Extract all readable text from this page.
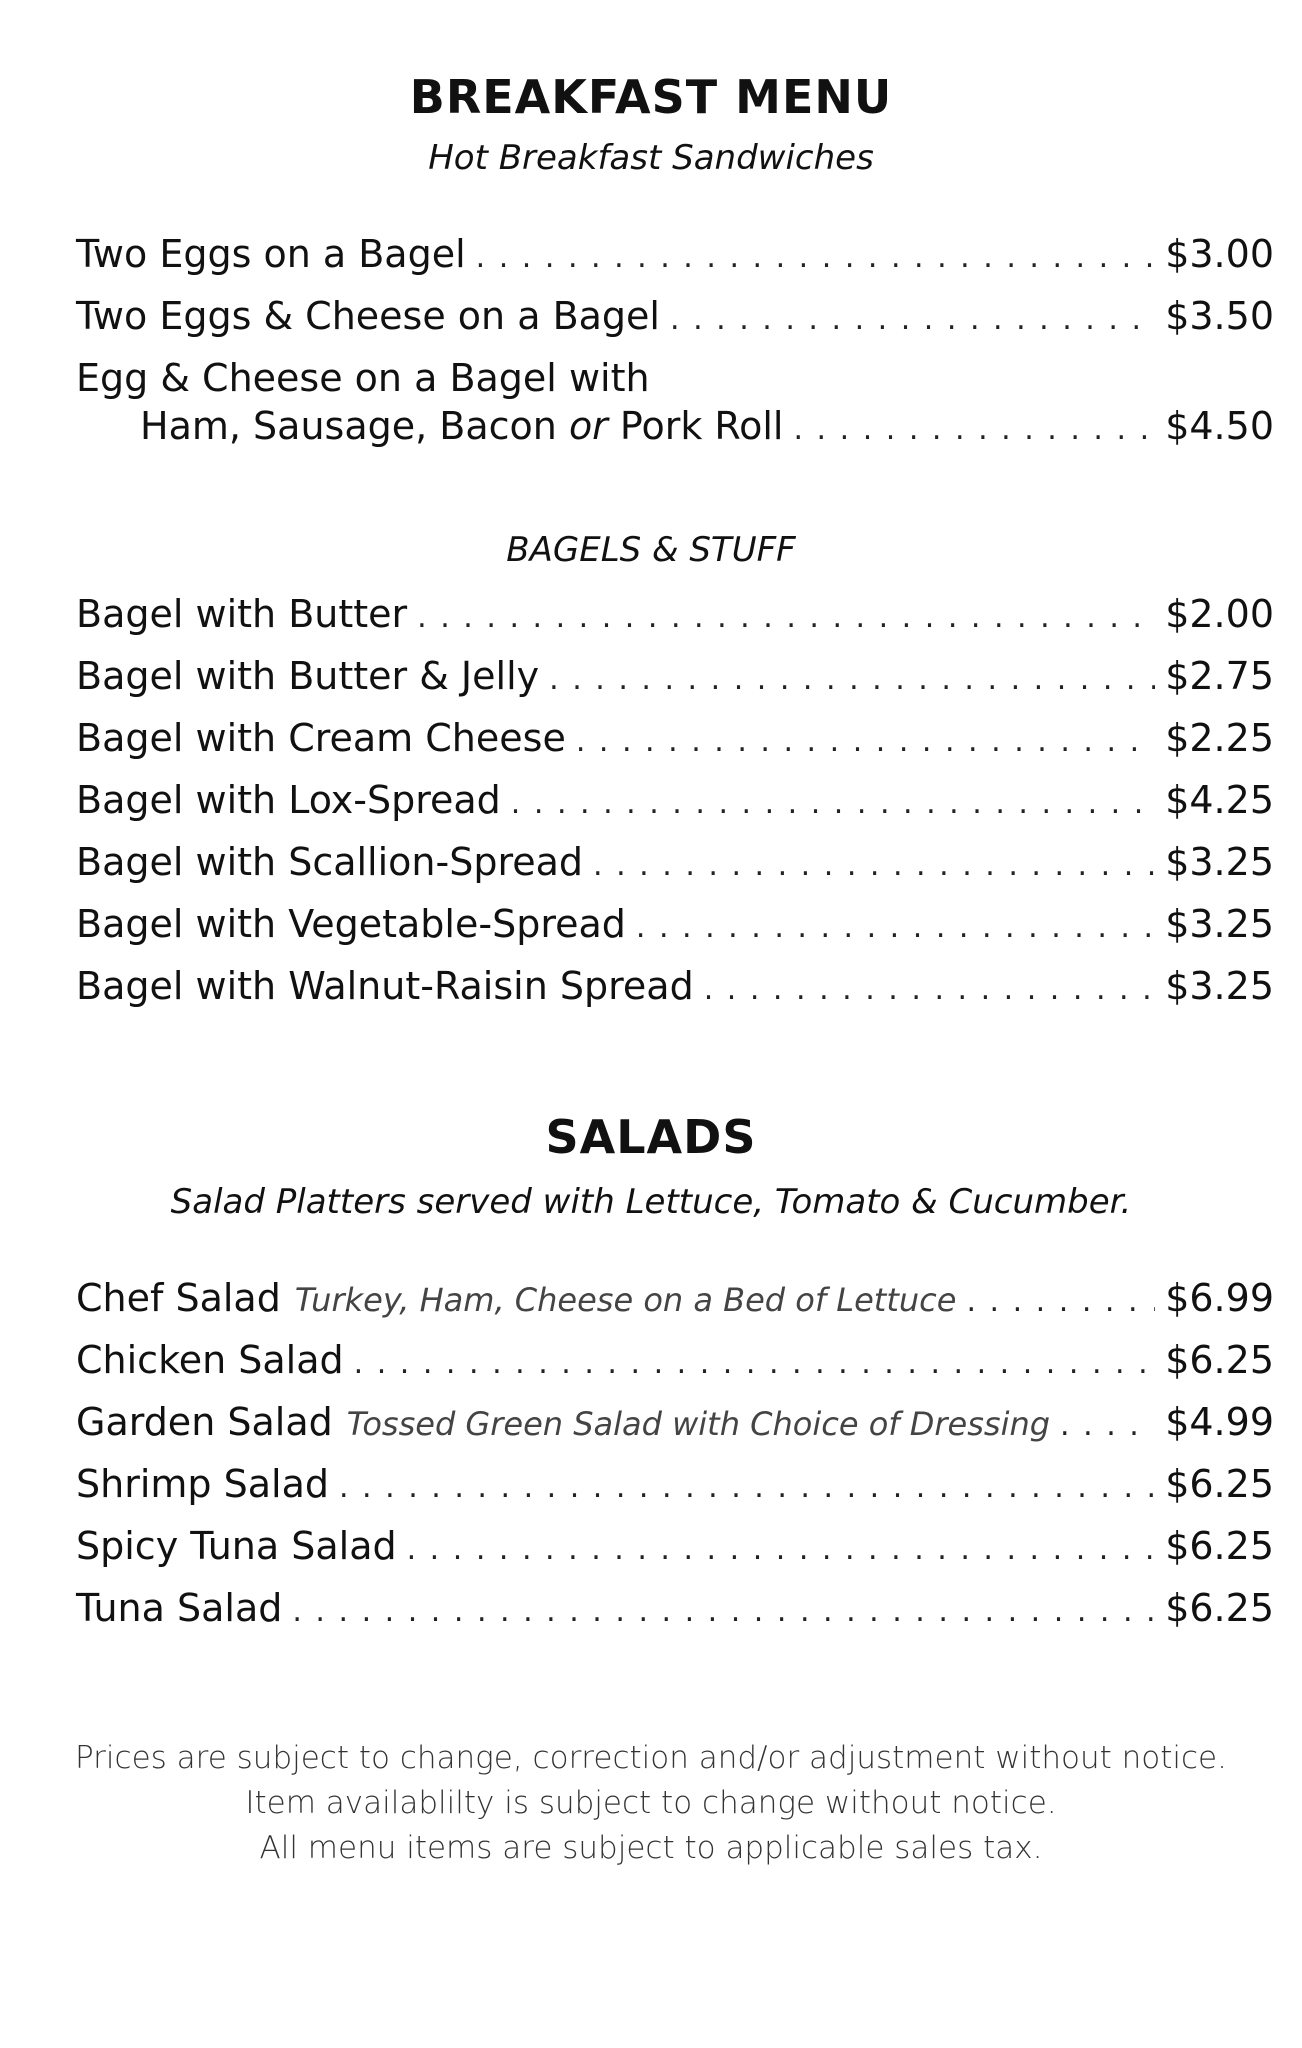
BREAKFAST MENU
Hot Breakfast Sandwiches
Two Eggs on a Bagel . . .	$3.00
Two Eggs & Cheese on a Bagel . . .	$3.50
Egg & Cheese on a Bagel with
Ham, Sausage, Bacon or Pork Roll . . .	$4.50
BAGELS & STUFF
Bagel with Butter . . .	$2.00
Bagel with Butter & Jelly . . .	$2.75
Bagel with Cream Cheese . . .	$2.25
Bagel with Lox-Spread . . .	$4.25
Bagel with Scallion-Spread . . .	$3.25
Bagel with Vegetable-Spread . . .	$3.25
Bagel with Walnut-Raisin Spread . . .	$3.25
SALADS
Salad Platters served with Lettuce, Tomato & Cucumber.
Chef Salad Turkey, Ham, Cheese on a Bed of Lettuce . . .	$6.99
Chicken Salad . . .	$6.25
Garden Salad Tossed Green Salad with Choice of Dressing . . .	$4.99
Shrimp Salad . . .	$6.25
Spicy Tuna Salad . . .	$6.25
Tuna Salad . . .	$6.25
Prices are subject to change, correction and/or adjustment without notice.
Item availablilty is subject to change without notice.
All menu items are subject to applicable sales tax.
